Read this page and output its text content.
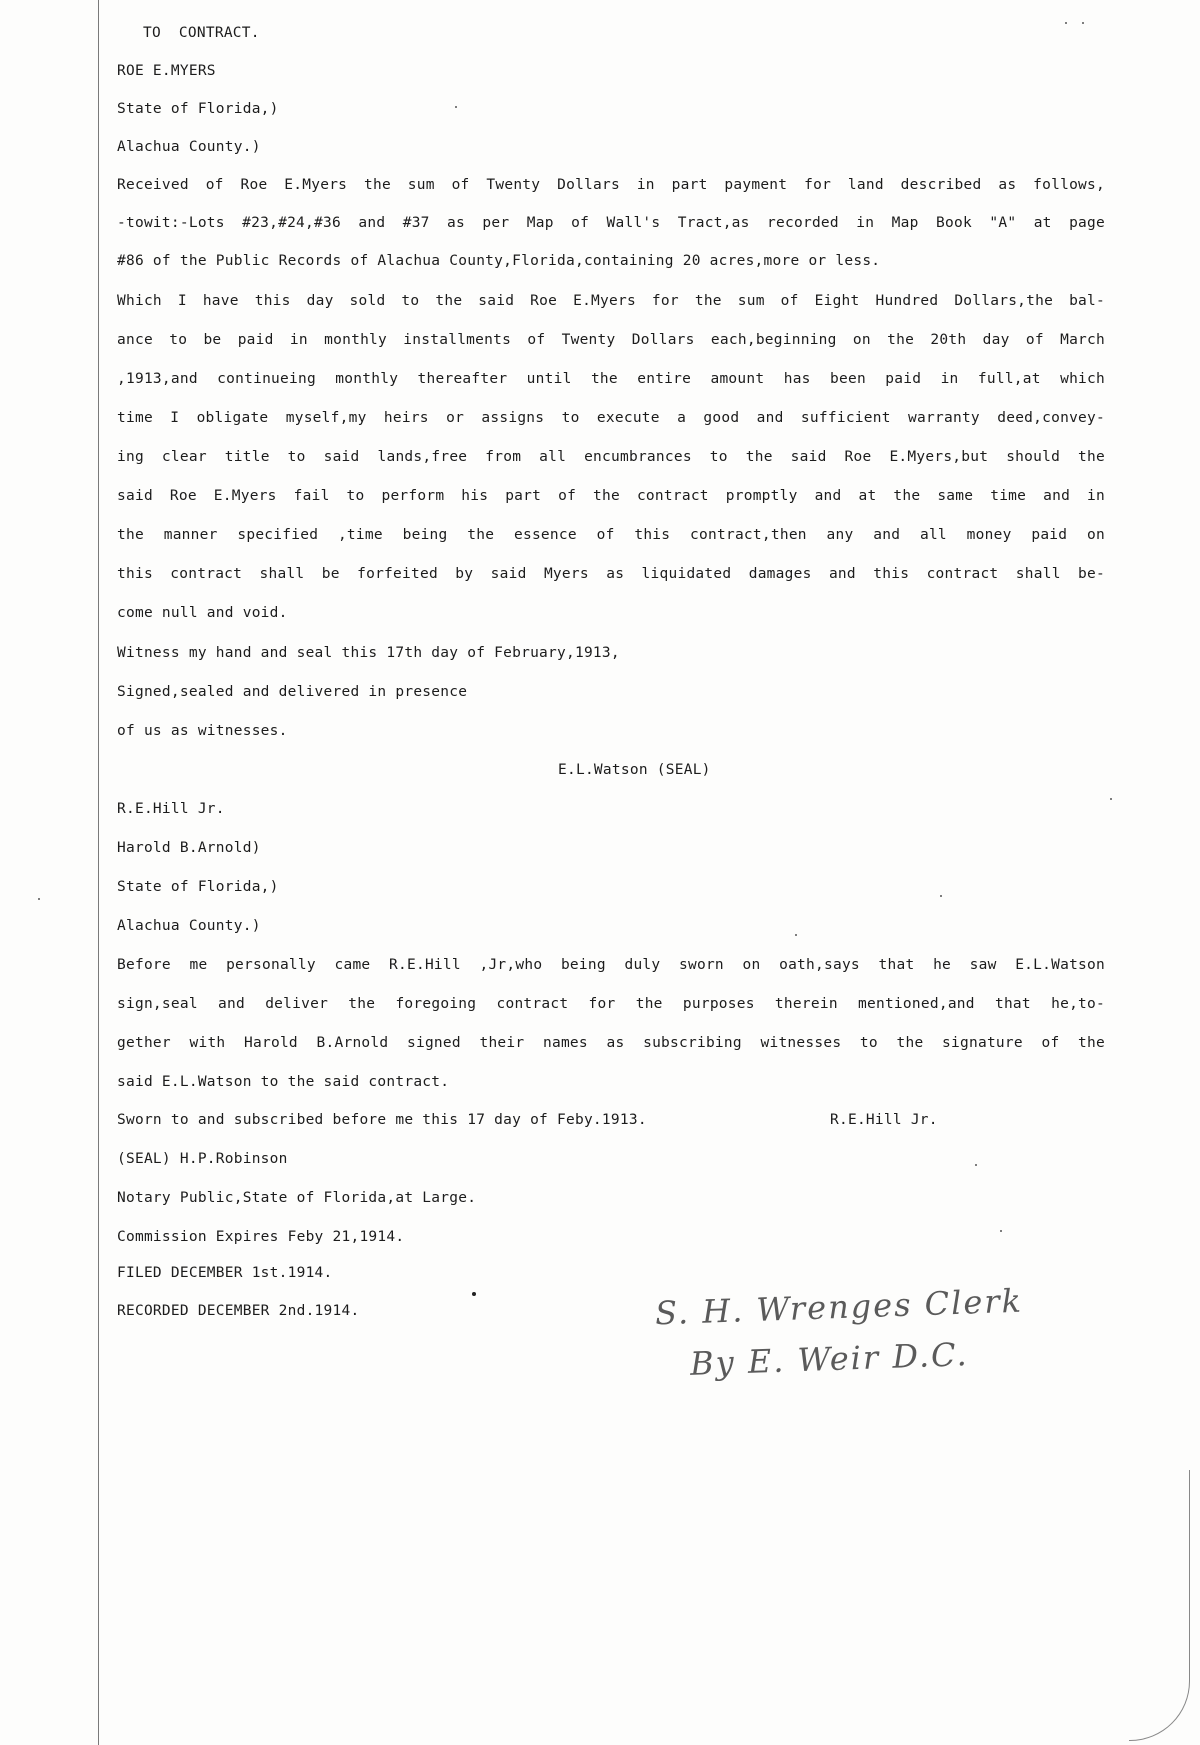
TO  CONTRACT.
ROE E.MYERS
State of Florida,)
Alachua County.)
Received of Roe E.Myers the sum of Twenty Dollars in part payment for land described as follows,
-towit:-Lots #23,#24,#36 and #37 as per Map of Wall's Tract,as recorded in Map Book "A" at page
#86 of the Public Records of Alachua County,Florida,containing 20 acres,more or less.
Which I have this day sold to the said Roe E.Myers for the sum of Eight Hundred Dollars,the bal-
ance to be paid in monthly installments of Twenty Dollars each,beginning on the 20th day of March
,1913,and continueing monthly thereafter until the entire amount has been paid in full,at which
time I obligate myself,my heirs or assigns to execute a good and sufficient warranty deed,convey-
ing clear title to said lands,free from all encumbrances to the said Roe E.Myers,but should the
said Roe E.Myers fail to perform his part of the contract promptly and at the same time and in
the manner specified ,time being the essence of this contract,then any and all money paid on
this contract shall be forfeited by said Myers as liquidated damages and this contract shall be-
come null and void.
Witness my hand and seal this 17th day of February,1913,
Signed,sealed and delivered in presence
of us as witnesses.
E.L.Watson (SEAL)
R.E.Hill Jr.
Harold B.Arnold)
State of Florida,)
Alachua County.)
Before me personally came R.E.Hill ,Jr,who being duly sworn on oath,says that he saw E.L.Watson
sign,seal and deliver the foregoing contract for the purposes therein mentioned,and that he,to-
gether with Harold B.Arnold signed their names as subscribing witnesses to the signature of the
said E.L.Watson to the said contract.
Sworn to and subscribed before me this 17 day of Feby.1913.	R.E.Hill Jr.
(SEAL) H.P.Robinson
Notary Public,State of Florida,at Large.
Commission Expires Feby 21,1914.
FILED DECEMBER 1st.1914.
RECORDED DECEMBER 2nd.1914.	S. H. Wrenges Clerk
By E. Weir D.C.
